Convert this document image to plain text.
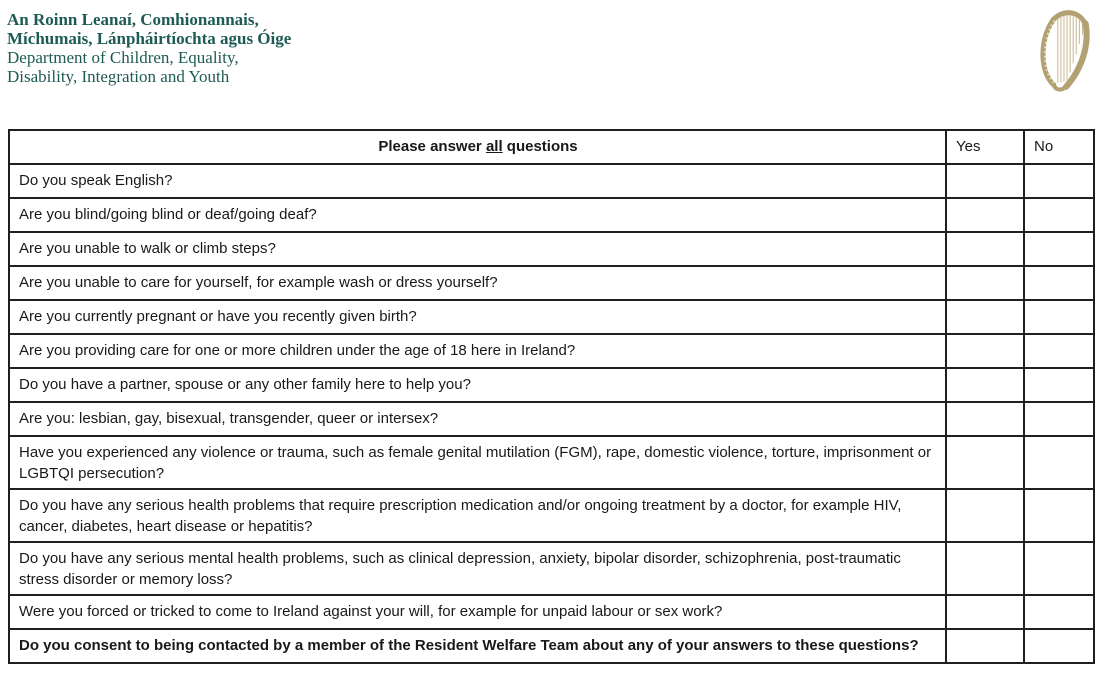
An Roinn Leanaí, Comhionannais,
Míchumais, Lánpháirtíochta agus Óige
Department of Children, Equality,
Disability, Integration and Youth
Please answer all questions	Yes	No
Do you speak English?		
Are you blind/going blind or deaf/going deaf?		
Are you unable to walk or climb steps?		
Are you unable to care for yourself, for example wash or dress yourself?		
Are you currently pregnant or have you recently given birth?		
Are you providing care for one or more children under the age of 18 here in Ireland?		
Do you have a partner, spouse or any other family here to help you?		
Are you: lesbian, gay, bisexual, transgender, queer or intersex?		
Have you experienced any violence or trauma, such as female genital mutilation (FGM), rape, domestic violence, torture, imprisonment or LGBTQI persecution?		
Do you have any serious health problems that require prescription medication and/or ongoing treatment by a doctor, for example HIV, cancer, diabetes, heart disease or hepatitis?		
Do you have any serious mental health problems, such as clinical depression, anxiety, bipolar disorder, schizophrenia, post-traumatic stress disorder or memory loss?		
Were you forced or tricked to come to Ireland against your will, for example for unpaid labour or sex work?		
Do you consent to being contacted by a member of the Resident Welfare Team about any of your answers to these questions?		
